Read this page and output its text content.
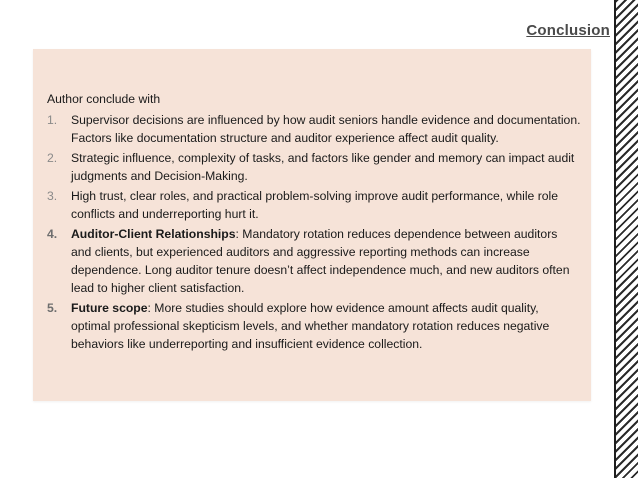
Conclusion
Author conclude with
1. Supervisor decisions are influenced by how audit seniors handle evidence and documentation. Factors like documentation structure and auditor experience affect audit quality.
2. Strategic influence, complexity of tasks, and factors like gender and memory can impact audit judgments and Decision-Making.
3. High trust, clear roles, and practical problem-solving improve audit performance, while role conflicts and underreporting hurt it.
4. Auditor-Client Relationships: Mandatory rotation reduces dependence between auditors and clients, but experienced auditors and aggressive reporting methods can increase dependence. Long auditor tenure doesn’t affect independence much, and new auditors often lead to higher client satisfaction.
5. Future scope: More studies should explore how evidence amount affects audit quality, optimal professional skepticism levels, and whether mandatory rotation reduces negative behaviors like underreporting and insufficient evidence collection.
